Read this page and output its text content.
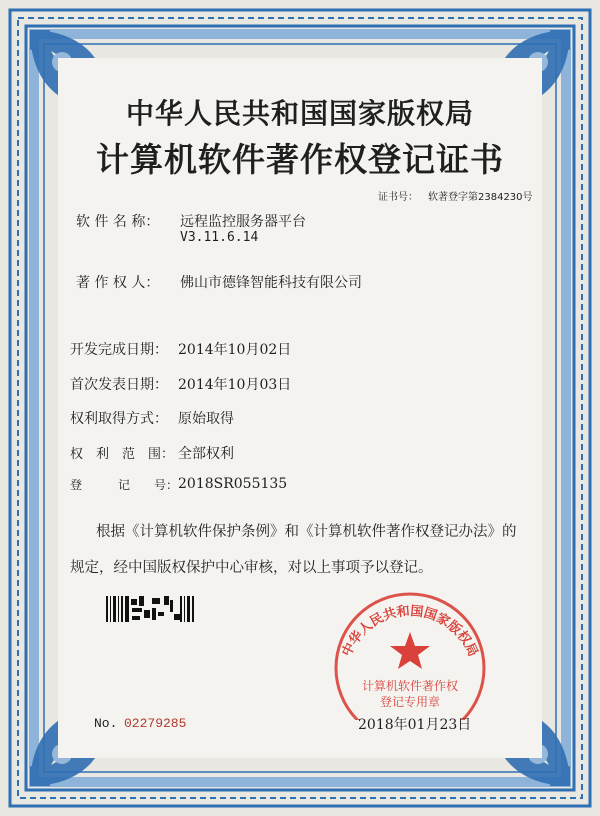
中华人民共和国国家版权局
计算机软件著作权登记证书
证书号： 软著登字第2384230号
软 件 名 称： 远程监控服务器平台
V3.11.6.14
著 作 权 人： 佛山市德锋智能科技有限公司
开发完成日期： 2014年10月02日
首次发表日期： 2014年10月03日
权利取得方式： 原始取得
权　利　范　围： 全部权利
登　　　记　　号： 2018SR055135
根据《计算机软件保护条例》和《计算机软件著作权登记办法》的
规定，经中国版权保护中心审核，对以上事项予以登记。
中华人民共和国国家版权局
计算机软件著作权
登记专用章
No. 02279285	2018年01月23日
